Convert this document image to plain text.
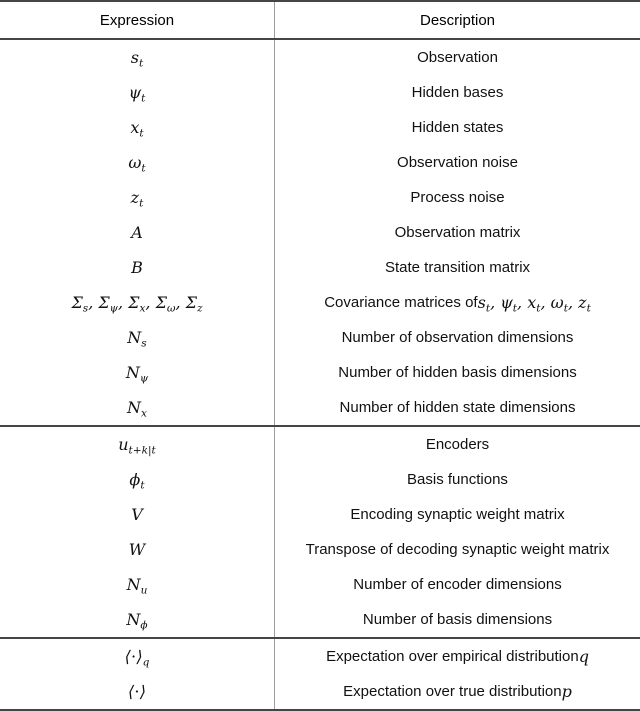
Expression	Description
$s_t$	Observation
$\psi_t$	Hidden bases
$x_t$	Hidden states
$\omega_t$	Observation noise
$z_t$	Process noise
A	Observation matrix
B	State transition matrix
$\Sigma_s$, $\Sigma_\psi$, $\Sigma_x$, $\Sigma_\omega$, $\Sigma_z$	Covariance matrices of $s_t$, $\psi_t$, $x_t$, $\omega_t$, $z_t$
$N_s$	Number of observation dimensions
$N_\psi$	Number of hidden basis dimensions
$N_x$	Number of hidden state dimensions
$u_{t+k|t}$	Encoders
$\phi_t$	Basis functions
V	Encoding synaptic weight matrix
W	Transpose of decoding synaptic weight matrix
$N_u$	Number of encoder dimensions
$N_\phi$	Number of basis dimensions
$⟨\cdot⟩_q$	Expectation over empirical distribution q
⟨⋅⟩	Expectation over true distribution p
